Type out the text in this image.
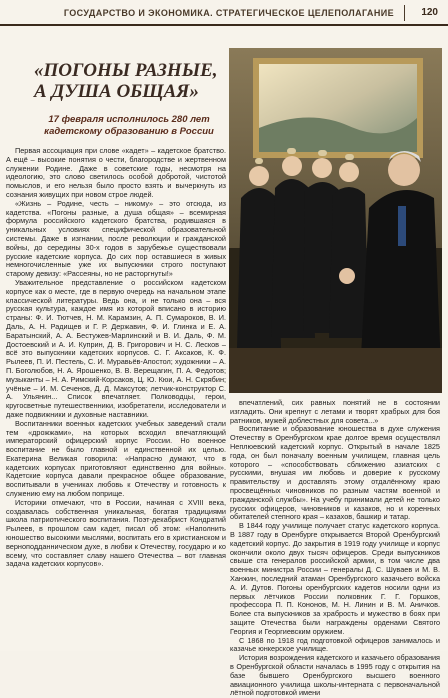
ГОСУДАРСТВО И ЭКОНОМИКА. СТРАТЕГИЧЕСКОЕ ЦЕЛЕПОЛАГАНИЕ	120
«ПОГОНЫ РАЗНЫЕ, А ДУША ОБЩАЯ»
17 февраля исполнилось 280 лет кадетскому образованию в России

Первая ассоциация при слове «кадет» – кадетское братство. А ещё – высокие понятия о чести, благородстве и жертвенном служении Родине. Даже в советские годы, несмотря на идеологию, это слово светилось особой добротой, чистотой помыслов, и его нельзя было просто взять и вычеркнуть из сознания живущих при новом строе людей.

«Жизнь – Родине, честь – никому» – это отсюда, из кадетства. «Погоны разные, а душа общая» – всемирная формула российского кадетского братства, родившаяся в уникальных условиях специфической образовательной системы. Даже в изгнании, после революции и гражданской войны, до середины 30-х годов в зарубежье существовали русские кадетские корпуса. До сих пор оставшиеся в живых немногочисленные уже их выпускники строго поступают старому девизу: «Рассеяны, но не расторгнуты!»

Уважительное представление о российском кадетском корпусе как о месте, где в первую очередь на начальном этапе классической литературы. Ведь она, и не только она – вся русская культура, каждое имя из которой вписано в историю страны: Ф. И. Тютчев, Н. М. Карамзин, А. П. Сумароков, В. И. Даль, А. Н. Радищев и Г. Р. Державин, Ф. И. Глинка и Е. А. Баратынский, А. А. Бестужев-Марлинский и В. И. Даль, Ф. М. Достоевский и А. И. Куприн, Д. В. Григорович и Н. С. Лесков – всё это выпускники кадетских корпусов. С. Г. Аксаков, К. Ф. Рылеев, П. И. Пестель, С. И. Муравьёв-Апостол; художники – А. П. Боголюбов, Н. А. Ярошенко, В. В. Верещагин, П. А. Федотов; музыканты – Н. А. Римский-Корсаков, Ц. Ю. Кюи, А. Н. Скрябин; учёные – И. М. Сеченов, Д. Д. Максутов; летчик-конструктор С. А. Ульянин... Список впечатляет. Полководцы, герои, кругосветные путешественники, изобретатели, исследователи и даже подвижники и духовные наставники.

Воспитанники военных кадетских учебных заведений стали тем «дрожжами», на которых всходил впечатляющий императорский офицерский корпус России. Но военное воспитание не было главной и единственной их целью. Екатерина Великая говорила: «Напрасно думают, что в кадетских корпусах приготовляют единственно для войны». Кадетские корпуса давали прекрасное общее образование, воспитывали в учениках любовь к Отечеству и готовность к служению ему на любом поприще.

Историки отмечают, что в России, начиная с XVIII века, создавалась собственная уникальная, богатая традициями школа патриотического воспитания. Поэт-декабрист Кондратий Рылеев, в прошлом сам кадет, писал об этом: «Наполнить юношество высокими мыслями, воспитать его в христианском и верноподданническом духе, в любви к Отечеству, государю и ко всему, что составляет славу нашего Отечества – вот главная задача кадетских корпусов».

впечатлений, сих равных понятий не в состоянии изгладить. Они крепнут с летами и творят храбрых для боя ратников, мужей доблестных для совета...»

Воспитание и образование юношества в духе служения Отечеству в Оренбургском крае долгое время осуществлял Неплюевский кадетский корпус. Открытый в начале 1825 года, он был поначалу военным училищем, главная цель которого – «способствовать сближению азиатских с русскими, внушая им любовь и доверие к русскому правительству и доставлять этому отдалённому краю просвещённых чиновников по разным частям военной и гражданской службы». На учебу принимали детей не только русских офицеров, чиновников и казаков, но и коренных обитателей степного края – казахов, башкир и татар.

В 1844 году училище получает статус кадетского корпуса. В 1887 году в Оренбурге открывается Второй Оренбургский кадетский корпус. До закрытия в 1919 году училище и корпус окончили около двух тысяч офицеров. Среди выпускников свыше ста генералов российской армии, в том числе два военных министра России – генералы Д. С. Шуваев и М. В. Ханжин, последний атаман Оренбургского казачьего войска А. И. Дутов. Погоны оренбургских кадетов носили одни из первых лётчиков России полковник Г. Г. Горшков, профессора П. П. Кононов, М. Н. Линин и В. М. Аничков. Более ста выпускников за храбрость и мужество в боях при защите Отечества были награждены орденами Святого Георгия и Георгиевским оружием.

С 1868 по 1918 год подготовкой офицеров занималось и казачье юнкерское училище.

История возрождения кадетского и казачьего образования в Оренбургской области началась в 1995 году с открытия на базе бывшего Оренбургского высшего военного авиационного училища школы-интерната с первоначальной лётной подготовкой имени
